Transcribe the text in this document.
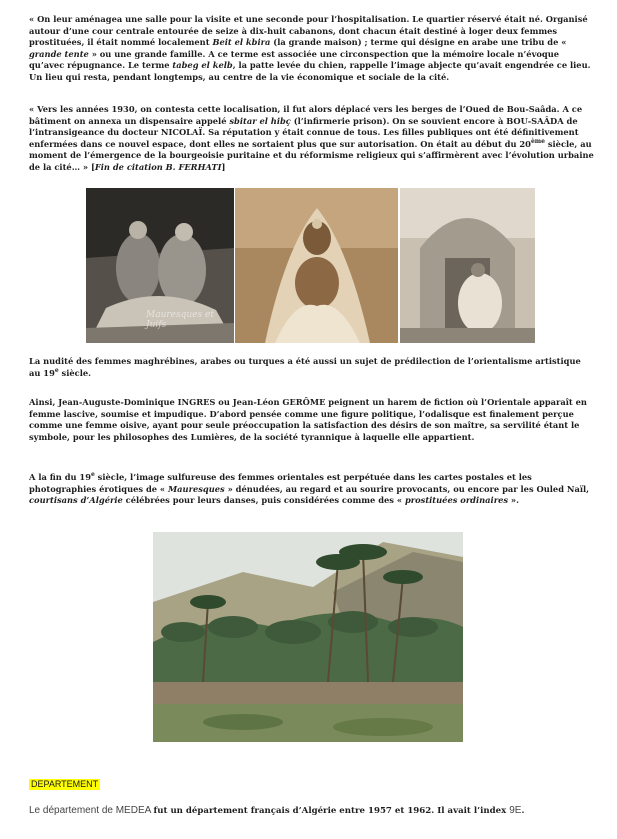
« On leur aménagea une salle pour la visite et une seconde pour l’hospitalisation. Le quartier réservé était né. Organisé autour d’une cour centrale entourée de seize à dix-huit cabanons, dont chacun était destiné à loger deux femmes prostituées, il était nommé localement Beit el kbira (la grande maison) ; terme qui désigne en arabe une tribu de « grande tente » ou une grande famille. A ce terme est associée une circonspection que la mémoire locale n’évoque qu’avec répugnance. Le terme tabeg el kelb, la patte levée du chien, rappelle l’image abjecte qu’avait engendrée ce lieu. Un lieu qui resta, pendant longtemps, au centre de la vie économique et sociale de la cité.

« Vers les années 1930, on contesta cette localisation, il fut alors déplacé vers les berges de l’Oued de Bou-Saâda. A ce bâtiment on annexa un dispensaire appelé sbitar el hibç (l’infirmerie prison). On se souvient encore à BOU-SAÂDA de l’intransigeance du docteur NICOLAÏ. Sa réputation y était connue de tous. Les filles publiques ont été définitivement enfermées dans ce nouvel espace, dont elles ne sortaient plus que sur autorisation. On était au début du 20ème siècle, au moment de l’émergence de la bourgeoisie puritaine et du réformisme religieux qui s’affirmèrent avec l’évolution urbaine de la cité… » [Fin de citation B. FERHATI]

Mauresques et Juifs

La nudité des femmes maghrébines, arabes ou turques a été aussi un sujet de prédilection de l’orientalisme artistique au 19e siècle.

Ainsi, Jean-Auguste-Dominique INGRES ou Jean-Léon GERÔME peignent un harem de fiction où l’Orientale apparaît en femme lascive, soumise et impudique. D’abord pensée comme une figure politique, l’odalisque est finalement perçue comme une femme oisive, ayant pour seule préoccupation la satisfaction des désirs de son maître, sa servilité étant le symbole, pour les philosophes des Lumières, de la société tyrannique à laquelle elle appartient.

A la fin du 19e siècle, l’image sulfureuse des femmes orientales est perpétuée dans les cartes postales et les photographies érotiques de « Mauresques » dénudées, au regard et au sourire provocants, ou encore par les Ouled Naïl, courtisans d’Algérie célébrées pour leurs danses, puis considérées comme des « prostituées ordinaires ».

DEPARTEMENT
Le département de MEDEA fut un département français d’Algérie entre 1957 et 1962. Il avait l’index 9E.
